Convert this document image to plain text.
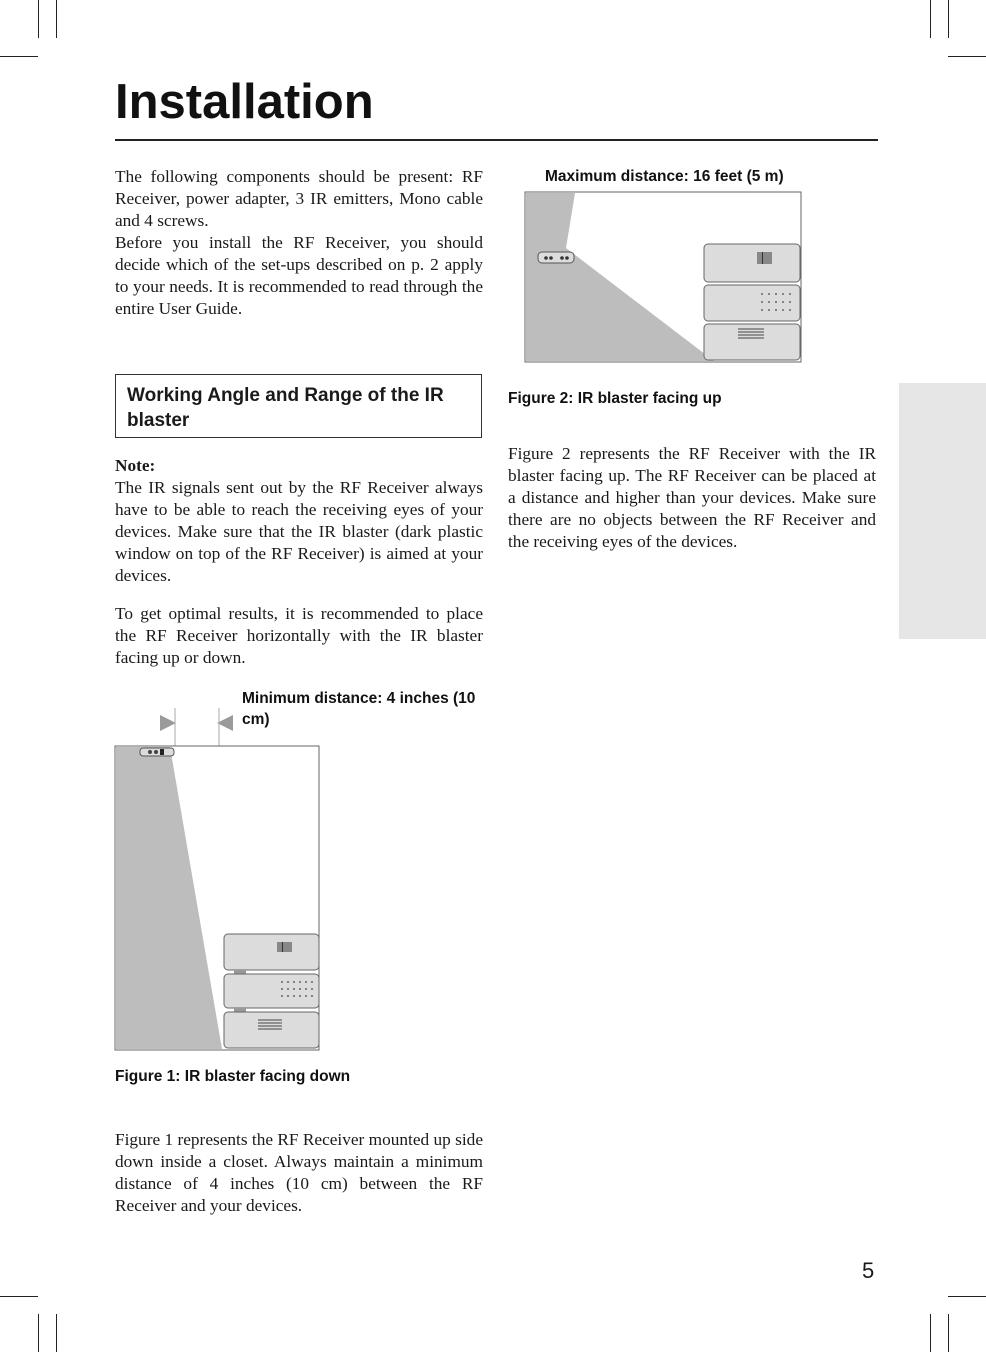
Installation

The following components should be present: RF Receiver, power adapter, 3 IR emitters, Mono cable and 4 screws.

Before you install the RF Receiver, you should decide which of the set-ups described on p. 2 apply to your needs. It is recommended to read through the entire User Guide.

Working Angle and Range of the IR blaster
Note:

The IR signals sent out by the RF Receiver always have to be able to reach the receiving eyes of your devices. Make sure that the IR blaster (dark plastic window on top of the RF Receiver) is aimed at your devices.

To get optimal results, it is recommended to place the RF Receiver horizontally with the IR blaster facing up or down.

Minimum distance: 4 inches (10 cm)
Figure 1: IR blaster facing down

Figure 1 represents the RF Receiver mounted up side down inside a closet. Always maintain a minimum distance of 4 inches (10 cm) between the RF Receiver and your devices.

Maximum distance: 16 feet (5 m)
Figure 2: IR blaster facing up

Figure 2 represents the RF Receiver with the IR blaster facing up. The RF Receiver can be placed at a distance and higher than your devices. Make sure there are no objects between the RF Receiver and the receiving eyes of the devices.

5
